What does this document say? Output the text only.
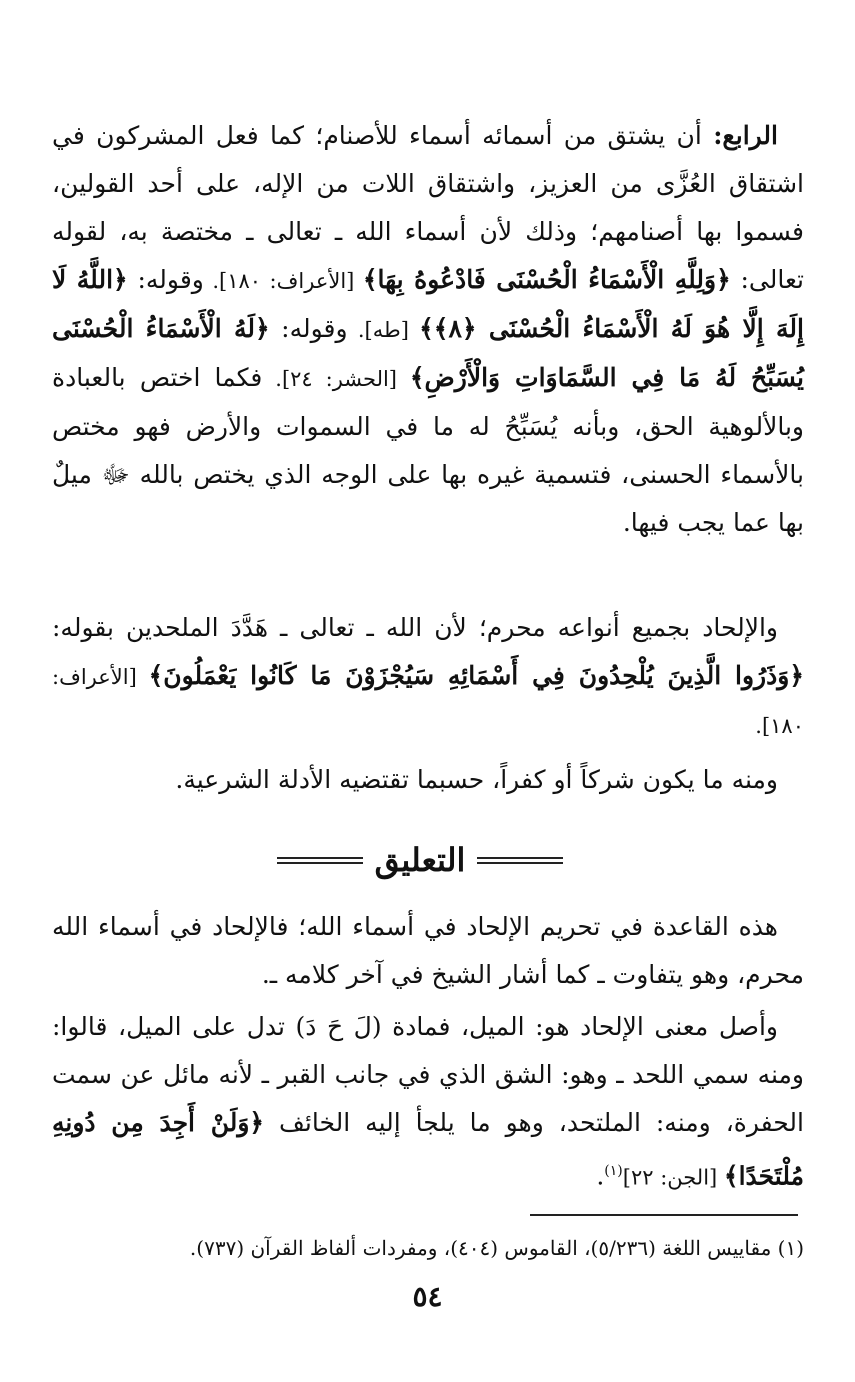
الرابع: أن يشتق من أسمائه أسماء للأصنام؛ كما فعل المشركون في اشتقاق العُزَّى من العزيز، واشتقاق اللات من الإله، على أحد القولين، فسموا بها أصنامهم؛ وذلك لأن أسماء الله ـ تعالى ـ مختصة به، لقوله تعالى: ﴿وَلِلَّهِ الْأَسْمَاءُ الْحُسْنَى فَادْعُوهُ بِهَا﴾ [الأعراف: ١٨٠]. وقوله: ﴿اللَّهُ لَا إِلَهَ إِلَّا هُوَ لَهُ الْأَسْمَاءُ الْحُسْنَى ﴿٨﴾﴾ [طه]. وقوله: ﴿لَهُ الْأَسْمَاءُ الْحُسْنَى يُسَبِّحُ لَهُ مَا فِي السَّمَاوَاتِ وَالْأَرْضِ﴾ [الحشر: ٢٤]. فكما اختص بالعبادة وبالألوهية الحق، وبأنه يُسَبِّحُ له ما في السموات والأرض فهو مختص بالأسماء الحسنى، فتسمية غيره بها على الوجه الذي يختص بالله ﷻ ميلٌ بها عما يجب فيها.

والإلحاد بجميع أنواعه محرم؛ لأن الله ـ تعالى ـ هَدَّدَ الملحدين بقوله: ﴿وَذَرُوا الَّذِينَ يُلْحِدُونَ فِي أَسْمَائِهِ سَيُجْزَوْنَ مَا كَانُوا يَعْمَلُونَ﴾ [الأعراف: ١٨٠].

ومنه ما يكون شركاً أو كفراً، حسبما تقتضيه الأدلة الشرعية.

التعليق

هذه القاعدة في تحريم الإلحاد في أسماء الله؛ فالإلحاد في أسماء الله محرم، وهو يتفاوت ـ كما أشار الشيخ في آخر كلامه ـ.

وأصل معنى الإلحاد هو: الميل، فمادة (لَ حَ دَ) تدل على الميل، قالوا: ومنه سمي اللحد ـ وهو: الشق الذي في جانب القبر ـ لأنه مائل عن سمت الحفرة، ومنه: الملتحد، وهو ما يلجأ إليه الخائف ﴿وَلَنْ أَجِدَ مِن دُونِهِ مُلْتَحَدًا﴾ [الجن: ٢٢]$^{(١)}$.

(١) مقاييس اللغة (٥/٢٣٦)، القاموس (٤٠٤)، ومفردات ألفاظ القرآن (٧٣٧).
٥٤
